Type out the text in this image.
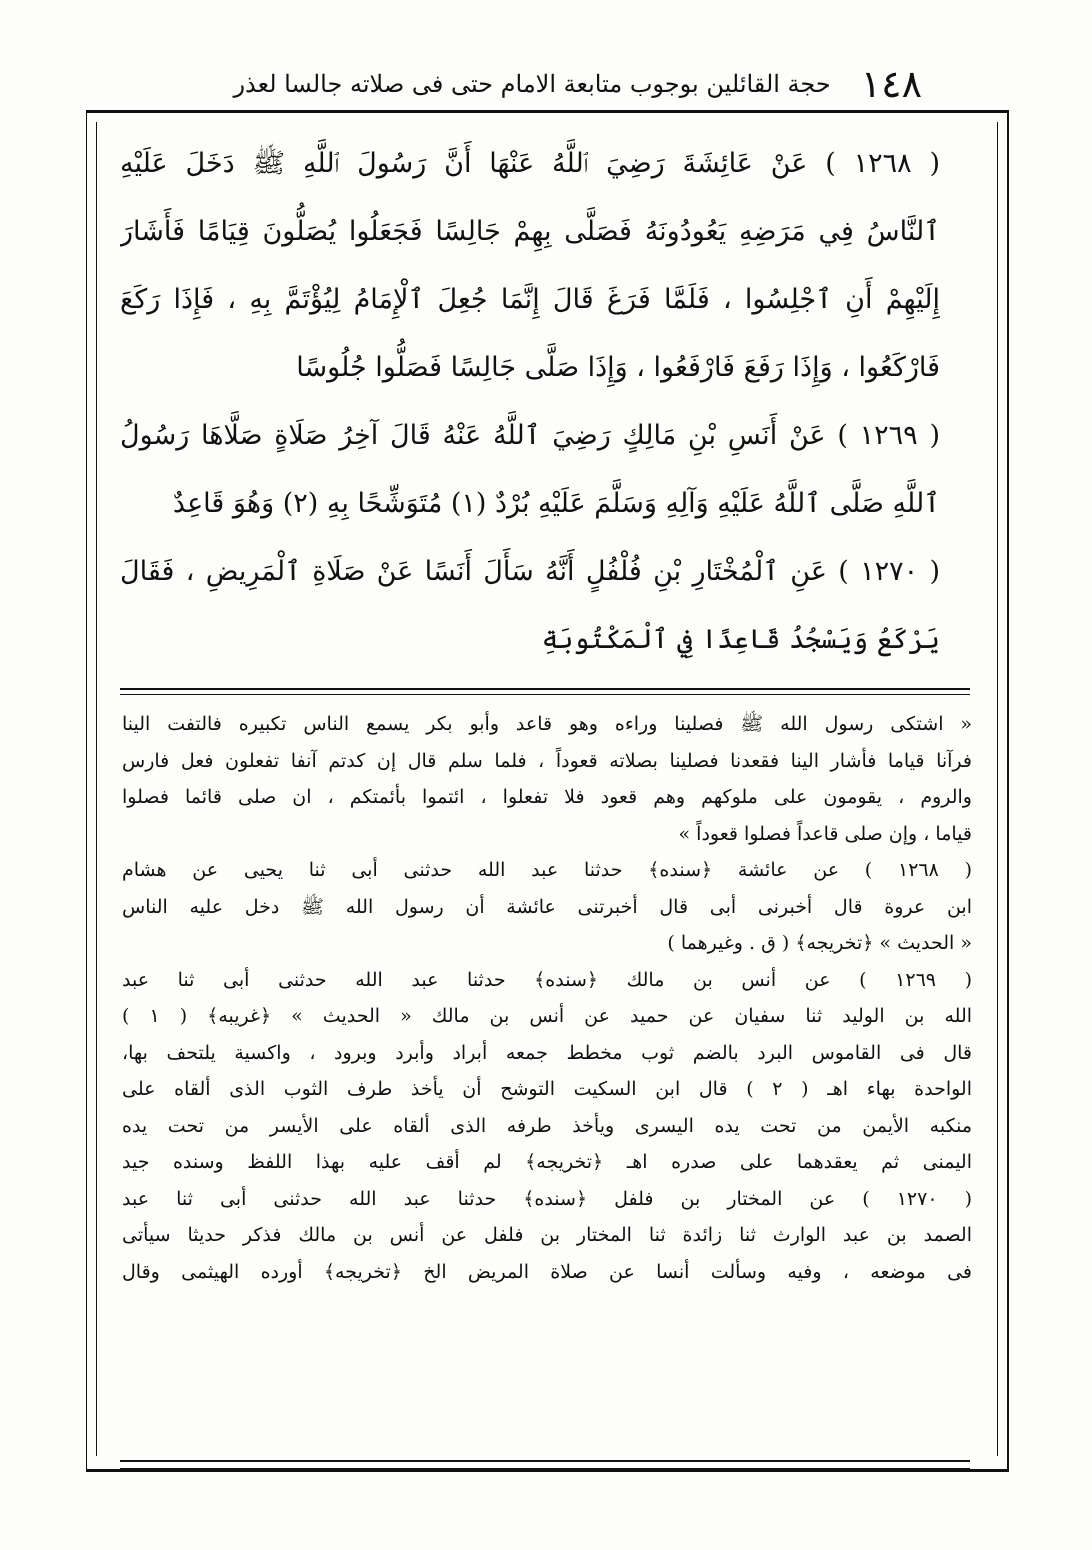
١٤٨
حجة القائلين بوجوب متابعة الامام حتى فى صلاته جالسا لعذر
( ١٢٦٨ ) عَنْ عَائِشَةَ رَضِيَ ٱللَّهُ عَنْهَا أَنَّ رَسُولَ ٱللَّهِ ﷺ دَخَلَ عَلَيْهِ
ٱلنَّاسُ فِي مَرَضِهِ يَعُودُونَهُ فَصَلَّى بِهِمْ جَالِسًا فَجَعَلُوا يُصَلُّونَ قِيَامًا فَأَشَارَ
إِلَيْهِمْ أَنِ ٱجْلِسُوا ، فَلَمَّا فَرَغَ قَالَ إِنَّمَا جُعِلَ ٱلْإِمَامُ لِيُؤْتَمَّ بِهِ ، فَإِذَا رَكَعَ
فَارْكَعُوا ، وَإِذَا رَفَعَ فَارْفَعُوا ، وَإِذَا صَلَّى جَالِسًا فَصَلُّوا جُلُوسًا
( ١٢٦٩ ) عَنْ أَنَسِ بْنِ مَالِكٍ رَضِيَ ٱللَّهُ عَنْهُ قَالَ آخِرُ صَلَاةٍ صَلَّاهَا رَسُولُ
ٱللَّهِ صَلَّى ٱللَّهُ عَلَيْهِ وَآلِهِ وَسَلَّمَ عَلَيْهِ بُرْدٌ (١) مُتَوَشِّحًا بِهِ (٢) وَهُوَ قَاعِدٌ
( ١٢٧٠ ) عَنِ ٱلْمُخْتَارِ بْنِ فُلْفُلٍ أَنَّهُ سَأَلَ أَنَسًا عَنْ صَلَاةِ ٱلْمَرِيضِ ، فَقَالَ
يَرْكَعُ وَيَسْجُدُ قَاعِدًا فِي ٱلْمَكْتُوبَةِ
« اشتكى رسول الله ﷺ فصلينا وراءه وهو قاعد وأبو بكر يسمع الناس تكبيره فالتفت الينا
فرآنا قياما فأشار الينا فقعدنا فصلينا بصلاته قعوداً ، فلما سلم قال إن كدتم آنفا تفعلون فعل فارس
والروم ، يقومون على ملوكهم وهم قعود فلا تفعلوا ، ائتموا بأئمتكم ، ان صلى قائما فصلوا
قياما ، وإن صلى قاعداً فصلوا قعوداً »
( ١٢٦٨ ) عن عائشة ﴿سنده﴾ حدثنا عبد الله حدثنى أبى ثنا يحيى عن هشام
ابن عروة قال أخبرنى أبى قال أخبرتنى عائشة أن رسول الله ﷺ دخل عليه الناس
« الحديث » ﴿تخريجه﴾ ( ق . وغيرهما )
( ١٢٦٩ ) عن أنس بن مالك ﴿سنده﴾ حدثنا عبد الله حدثنى أبى ثنا عبد
الله بن الوليد ثنا سفيان عن حميد عن أنس بن مالك « الحديث » ﴿غريبه﴾ ( ١ )
قال فى القاموس البرد بالضم ثوب مخطط جمعه أبراد وأبرد وبرود ، واكسية يلتحف بها،
الواحدة بهاء اهـ ( ٢ ) قال ابن السكيت التوشح أن يأخذ طرف الثوب الذى ألقاه على
منكبه الأيمن من تحت يده اليسرى ويأخذ طرفه الذى ألقاه على الأيسر من تحت يده
اليمنى ثم يعقدهما على صدره اهـ ﴿تخريجه﴾ لم أقف عليه بهذا اللفظ وسنده جيد
( ١٢٧٠ ) عن المختار بن فلفل ﴿سنده﴾ حدثنا عبد الله حدثنى أبى ثنا عبد
الصمد بن عبد الوارث ثنا زائدة ثنا المختار بن فلفل عن أنس بن مالك فذكر حديثا سيأتى
فى موضعه ، وفيه وسألت أنسا عن صلاة المريض الخ ﴿تخريجه﴾ أورده الهيثمى وقال
